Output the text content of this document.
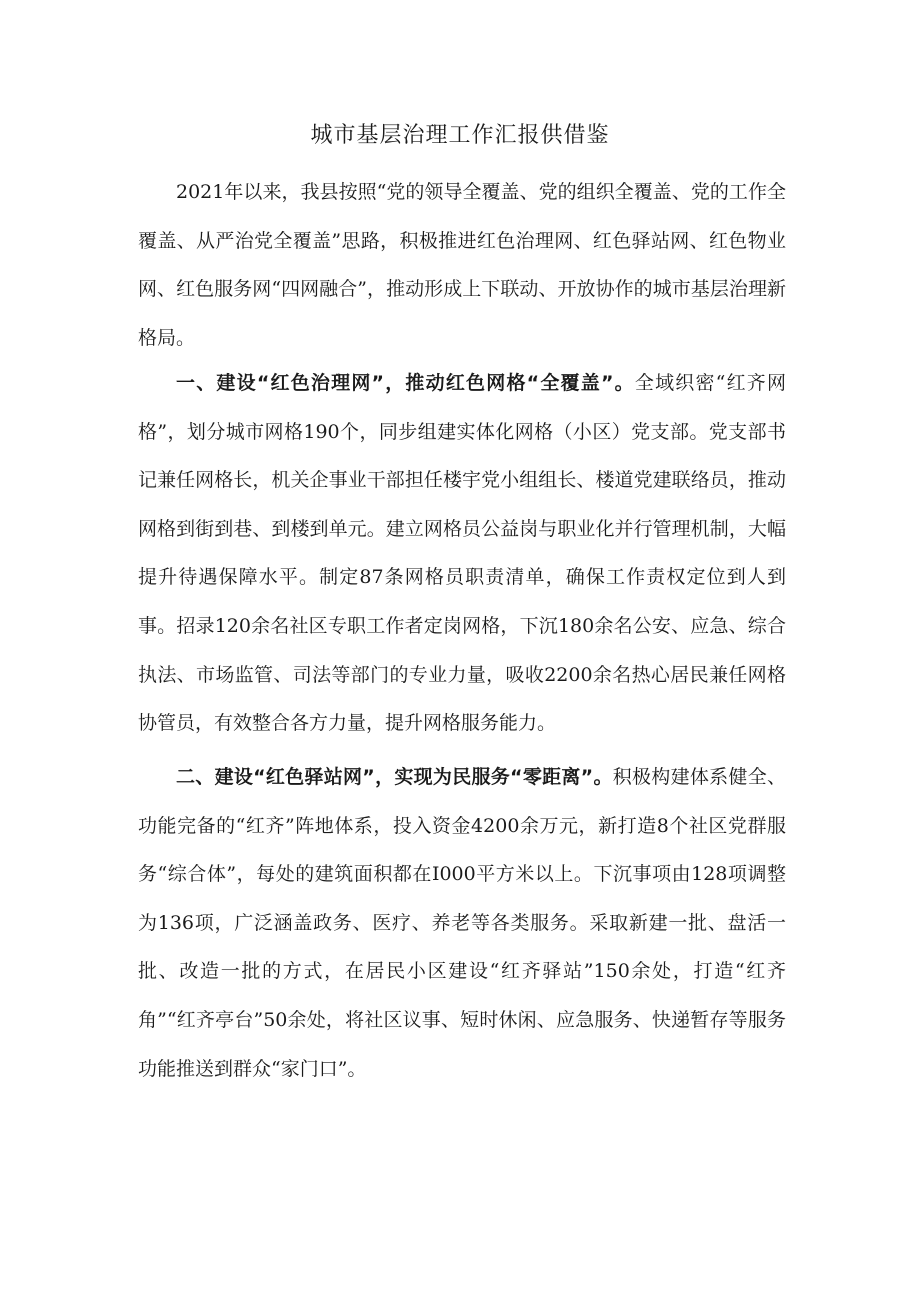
城市基层治理工作汇报供借鉴

2021年以来，我县按照“党的领导全覆盖、党的组织全覆盖、党的工作全覆盖、从严治党全覆盖”思路，积极推进红色治理网、红色驿站网、红色物业网、红色服务网“四网融合”，推动形成上下联动、开放协作的城市基层治理新格局。

一、建设“红色治理网”，推动红色网格“全覆盖”。全域织密“红齐网格”，划分城市网格190个，同步组建实体化网格（小区）党支部。党支部书记兼任网格长，机关企事业干部担任楼宇党小组组长、楼道党建联络员，推动网格到街到巷、到楼到单元。建立网格员公益岗与职业化并行管理机制，大幅提升待遇保障水平。制定87条网格员职责清单，确保工作责权定位到人到事。招录120余名社区专职工作者定岗网格，下沉180余名公安、应急、综合执法、市场监管、司法等部门的专业力量，吸收2200余名热心居民兼任网格协管员，有效整合各方力量，提升网格服务能力。

二、建设“红色驿站网”，实现为民服务“零距离”。积极构建体系健全、功能完备的“红齐”阵地体系，投入资金4200余万元，新打造8个社区党群服务“综合体”，每处的建筑面积都在I000平方米以上。下沉事项由128项调整为136项，广泛涵盖政务、医疗、养老等各类服务。采取新建一批、盘活一批、改造一批的方式，在居民小区建设“红齐驿站”150余处，打造“红齐角”“红齐亭台”50余处，将社区议事、短时休闲、应急服务、快递暂存等服务功能推送到群众“家门口”。
